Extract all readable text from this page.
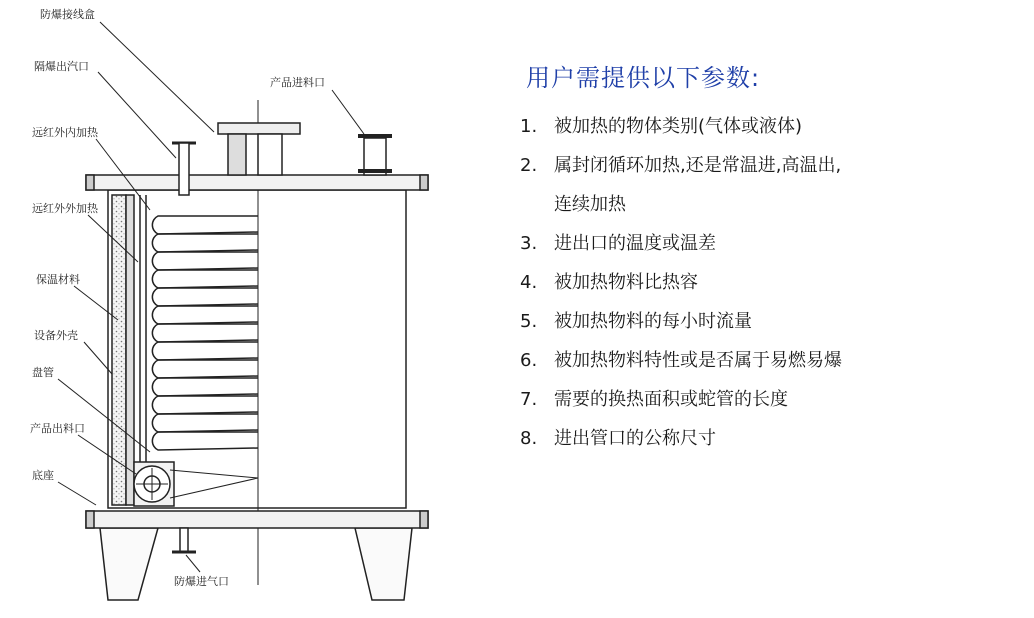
防爆接线盒
隔爆出汽口
远红外内加热
远红外外加热
保温材料
设备外壳
盘管
产品出料口
底座
产品进料口
防爆进气口
用户需提供以下参数:
1. 被加热的物体类别(气体或液体)
2. 属封闭循环加热,还是常温进,高温出,
连续加热
3. 进出口的温度或温差
4. 被加热物料比热容
5. 被加热物料的每小时流量
6. 被加热物料特性或是否属于易燃易爆
7. 需要的换热面积或蛇管的长度
8. 进出管口的公称尺寸
